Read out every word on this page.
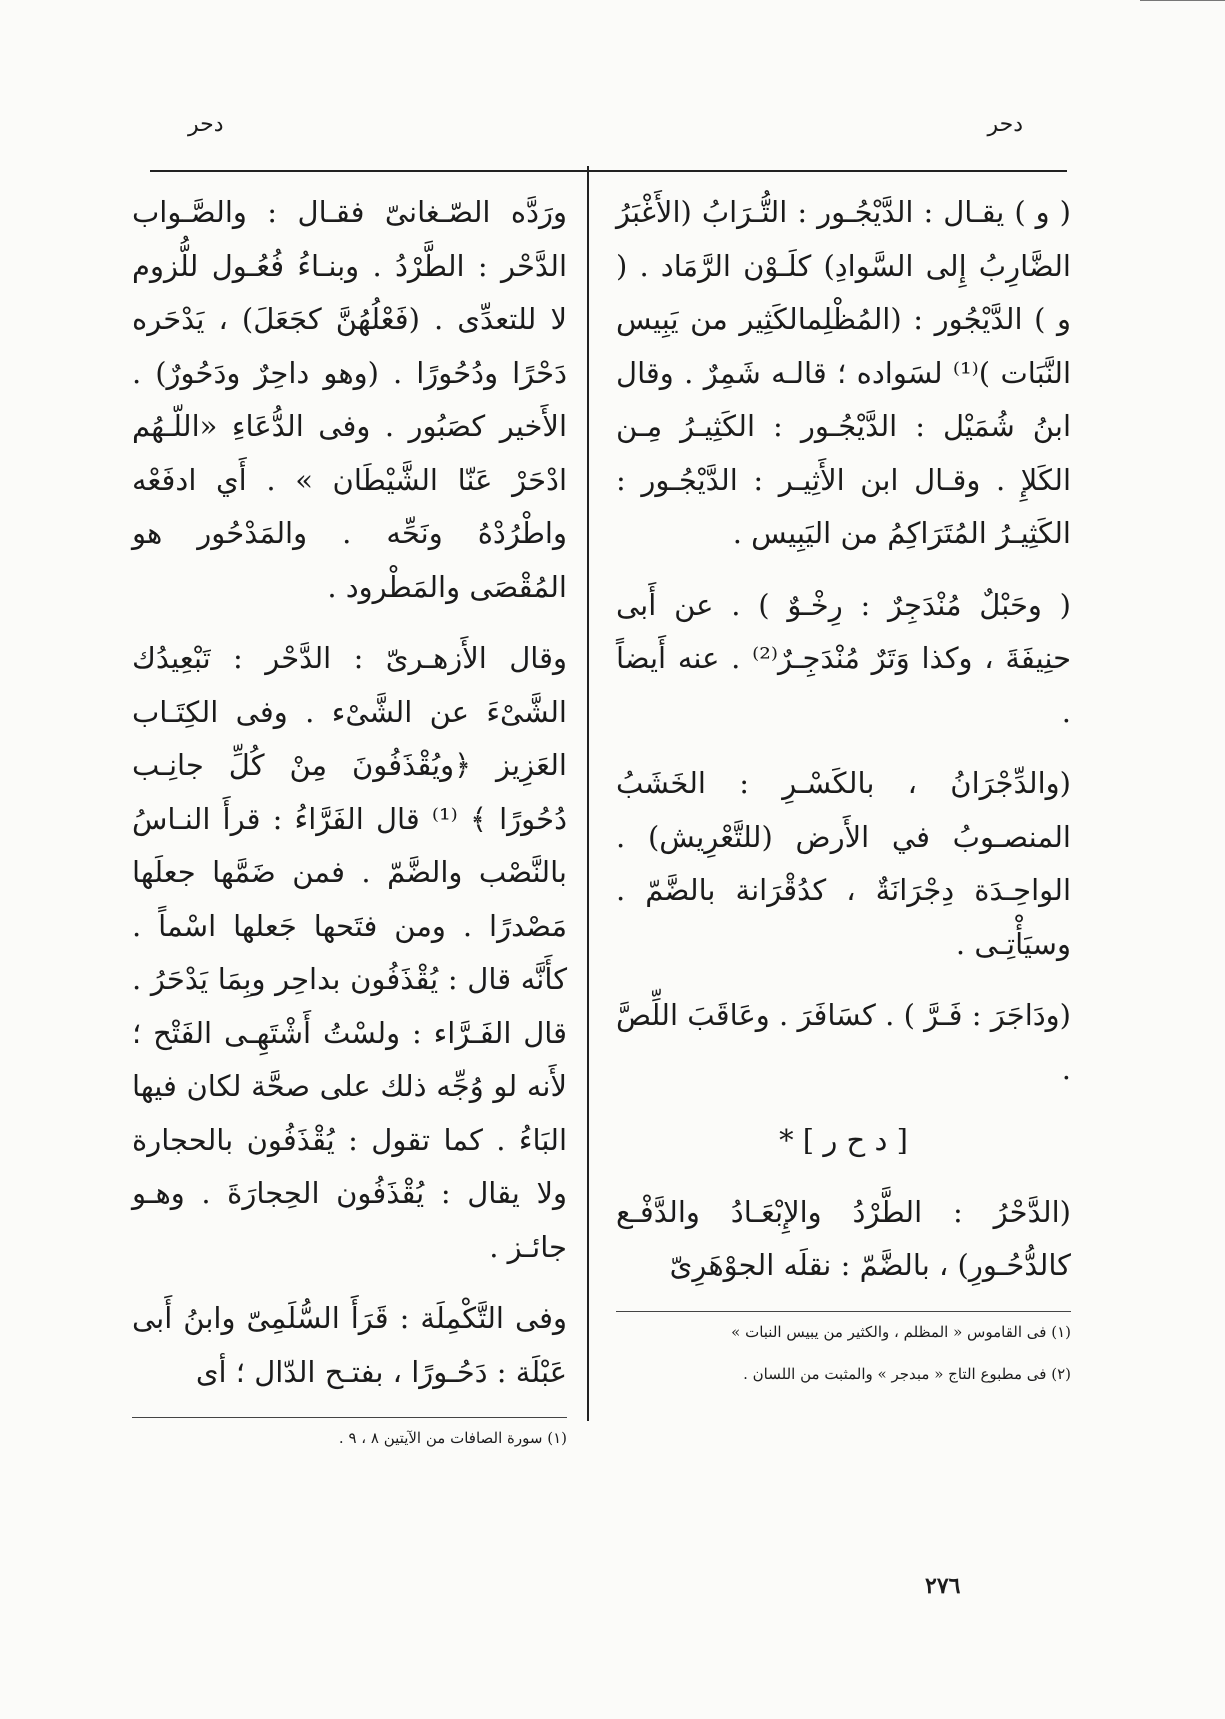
دحر
دحر

( و ) يقـال : الدَّيْجُـور : التُّـرَابُ (الأَغْبَرُ الضَّارِبُ إِلى السَّوادِ) كلَـوْن الرَّمَاد . ( و ) الدَّيْجُور : (المُظْلِمالكَثِير من يَبِيس النَّبَات )⁽¹⁾ لسَواده ؛ قالـه شَمِرٌ . وقال ابنُ شُمَيْل : الدَّيْجُـور : الكَثِيـرُ مِـن الكَلإِ . وقـال ابن الأَثِيـر : الدَّيْجُـور : الكَثِيـرُ المُتَرَاكِمُ من اليَبِيس .

( وحَبْلٌ مُنْدَجِرٌ : رِخْـوٌ ) . عن أَبى حنِيفَةَ ، وكذا وَتَرٌ مُنْدَجِـرٌ⁽²⁾ . عنه أَيضاً .

(والدِّجْرَانُ ، بالكَسْـرِ : الخَشَبُ المنصـوبُ في الأَرض (للتَّعْرِيش) . الواحِـدَة دِجْرَانَةٌ ، كدُقْرَانة بالضَّمّ . وسيَأْتِـى .

(ودَاجَرَ : فَـرَّ ) . كسَافَرَ . وعَاقَبَ اللِّصَّ .

[ د ح ر ] *

(الدَّحْرُ : الطَّرْدُ والإِبْعَـادُ والدَّفْـع كالدُّحُـورِ) ، بالضَّمّ : نقلَه الجوْهَرِىّ

(١) فى القاموس « المظلم ، والكثير من يبيس النبات »

(٢) فى مطبوع التاج « مبدجر » والمثبت من اللسان .

ورَدَّه الصّـغانىّ فقـال : والصَّـواب الدَّحْر : الطَّرْدُ . وبنـاءُ فُعُـول للُّزوم لا للتعدِّى . (فَعْلُهُنَّ كجَعَلَ) ، يَدْحَره دَحْرًا ودُحُورًا . (وهو داحِرٌ ودَحُورٌ) . الأَخير كصَبُور . وفى الدُّعَاءِ «اللّـهُم ادْحَرْ عَنّا الشَّيْطَان » . أَي ادفَعْه واطْرُدْهُ ونَحِّه . والمَدْحُور هو المُقْصَى والمَطْرود .

وقال الأَزهـرىّ : الدَّحْر : تَبْعِيدُك الشَّىْءَ عن الشَّىْء . وفى الكِتَـاب العَزِيز ﴿ويُقْذَفُونَ مِنْ كُلِّ جانِـب دُحُورًا ﴾ ⁽¹⁾ قال الفَرَّاءُ : قرأَ النـاسُ بالنَّصْب والضَّمّ . فمن ضَمَّها جعلَها مَصْدرًا . ومن فتَحها جَعلها اسْماً . كأَنَّه قال : يُقْذَفُون بداحِر وبِمَا يَدْحَرُ . قال الفَـرَّاء : ولسْتُ أَشْتَهِـى الفَتْح ؛ لأَنه لو وُجِّه ذلك على صحَّة لكان فيها البَاءُ . كما تقول : يُقْذَفُون بالحجارة ولا يقال : يُقْذَفُون الحِجارَةَ . وهـو جائـز .

وفى التَّكْمِلَة : قَرَأَ السُّلَمِىّ وابنُ أَبى عَبْلَة : دَحُـورًا ، بفتـح الدّال ؛ أى

(١) سورة الصافات من الآيتين ٨ ، ٩ .

٢٧٦
